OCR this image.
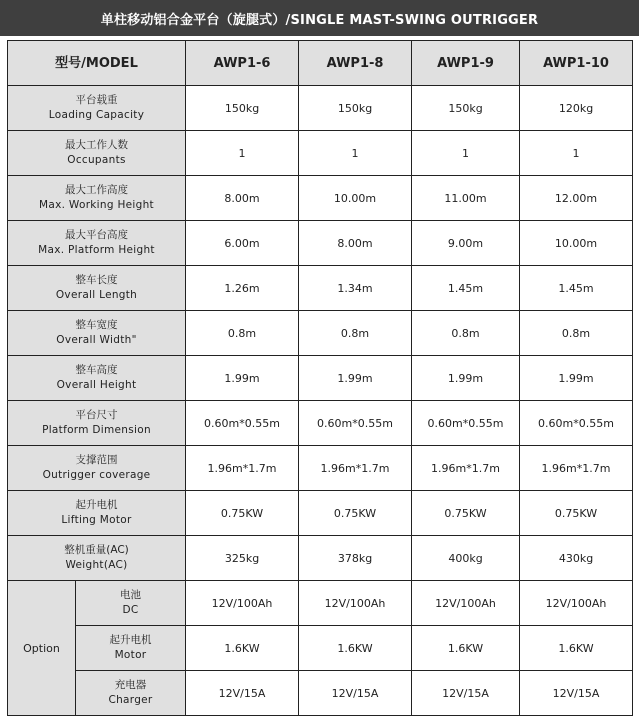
单柱移动铝合金平台（旋腿式）/SINGLE MAST-SWING OUTRIGGER
型号/MODEL		AWP1-6	AWP1-8	AWP1-9	AWP1-10

平台载重
Loading Capacity		150kg	150kg	150kg	120kg

最大工作人数
Occupants		1	1	1	1

最大工作高度
Max. Working Height		8.00m	10.00m	11.00m	12.00m

最大平台高度
Max. Platform Height		6.00m	8.00m	9.00m	10.00m

整车长度
Overall Length		1.26m	1.34m	1.45m	1.45m

整车宽度
Overall Width"		0.8m	0.8m	0.8m	0.8m

整车高度
Overall Height		1.99m	1.99m	1.99m	1.99m

平台尺寸
Platform Dimension		0.60m*0.55m	0.60m*0.55m	0.60m*0.55m	0.60m*0.55m

支撑范围
Outrigger coverage		1.96m*1.7m	1.96m*1.7m	1.96m*1.7m	1.96m*1.7m

起升电机
Lifting Motor		0.75KW	0.75KW	0.75KW	0.75KW

整机重量(AC)
Weight(AC)		325kg	378kg	400kg	430kg
Option	电池
DC	12V/100Ah	12V/100Ah	12V/100Ah	12V/100Ah

	起升电机
Motor	1.6KW	1.6KW	1.6KW	1.6KW

	充电器
Charger	12V/15A	12V/15A	12V/15A	12V/15A
